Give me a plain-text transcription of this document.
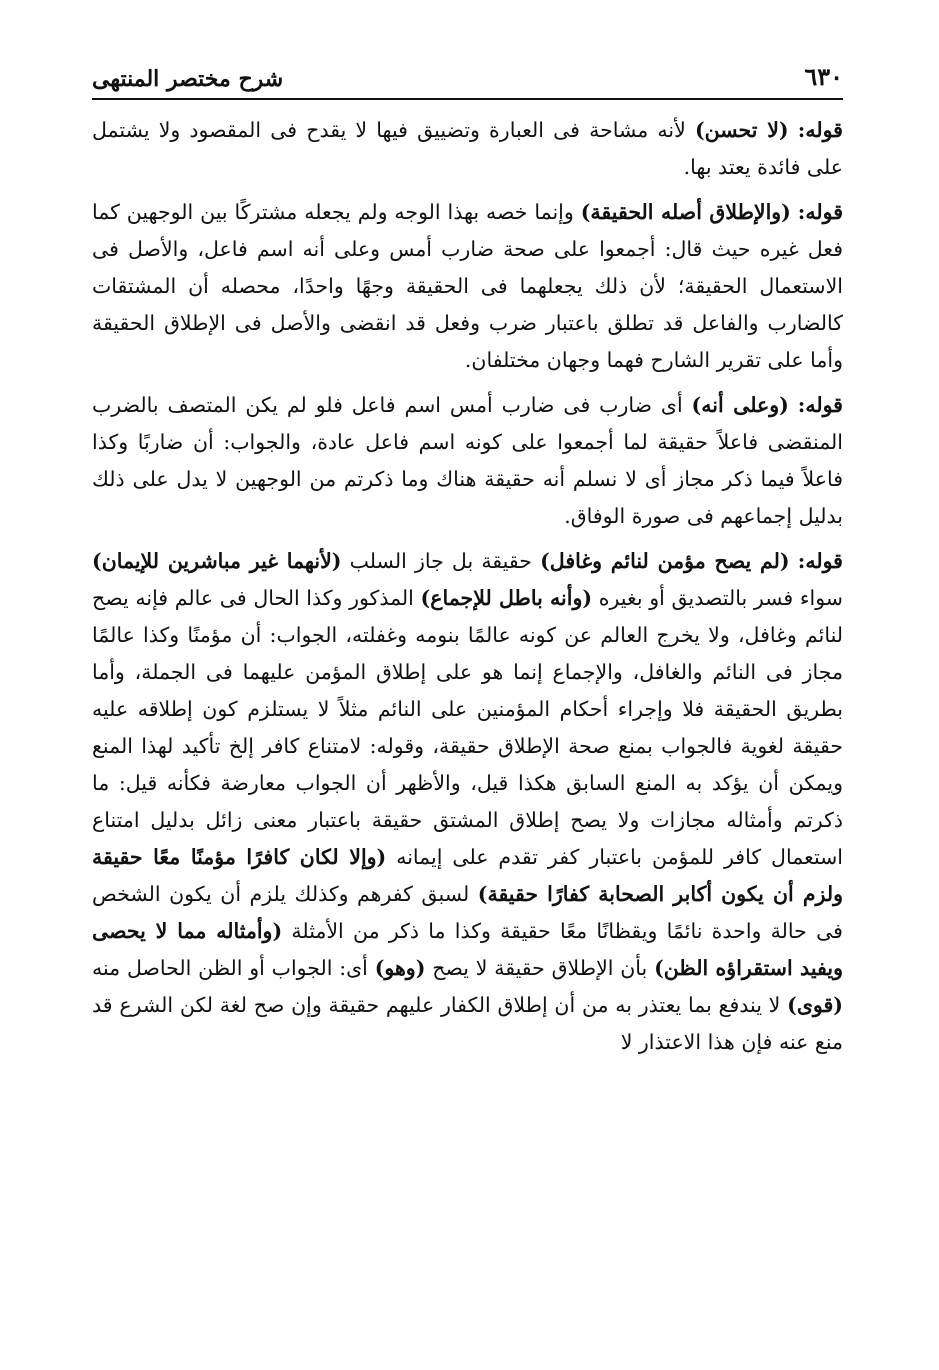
٦٣٠
شرح مختصر المنتهى

قوله: (لا تحسن) لأنه مشاحة فى العبارة وتضييق فيها لا يقدح فى المقصود ولا يشتمل على فائدة يعتد بها.

قوله: (والإطلاق أصله الحقيقة) وإنما خصه بهذا الوجه ولم يجعله مشتركًا بين الوجهين كما فعل غيره حيث قال: أجمعوا على صحة ضارب أمس وعلى أنه اسم فاعل، والأصل فى الاستعمال الحقيقة؛ لأن ذلك يجعلهما فى الحقيقة وجهًا واحدًا، محصله أن المشتقات كالضارب والفاعل قد تطلق باعتبار ضرب وفعل قد انقضى والأصل فى الإطلاق الحقيقة وأما على تقرير الشارح فهما وجهان مختلفان.

قوله: (وعلى أنه) أى ضارب فى ضارب أمس اسم فاعل فلو لم يكن المتصف بالضرب المنقضى فاعلاً حقيقة لما أجمعوا على كونه اسم فاعل عادة، والجواب: أن ضاربًا وكذا فاعلاً فيما ذكر مجاز أى لا نسلم أنه حقيقة هناك وما ذكرتم من الوجهين لا يدل على ذلك بدليل إجماعهم فى صورة الوفاق.

قوله: (لم يصح مؤمن لنائم وغافل) حقيقة بل جاز السلب (لأنهما غير مباشرين للإيمان) سواء فسر بالتصديق أو بغيره (وأنه باطل للإجماع) المذكور وكذا الحال فى عالم فإنه يصح لنائم وغافل، ولا يخرج العالم عن كونه عالمًا بنومه وغفلته، الجواب: أن مؤمنًا وكذا عالمًا مجاز فى النائم والغافل، والإجماع إنما هو على إطلاق المؤمن عليهما فى الجملة، وأما بطريق الحقيقة فلا وإجراء أحكام المؤمنين على النائم مثلاً لا يستلزم كون إطلاقه عليه حقيقة لغوية فالجواب بمنع صحة الإطلاق حقيقة، وقوله: لامتناع كافر إلخ تأكيد لهذا المنع ويمكن أن يؤكد به المنع السابق هكذا قيل، والأظهر أن الجواب معارضة فكأنه قيل: ما ذكرتم وأمثاله مجازات ولا يصح إطلاق المشتق حقيقة باعتبار معنى زائل بدليل امتناع استعمال كافر للمؤمن باعتبار كفر تقدم على إيمانه (وإلا لكان كافرًا مؤمنًا معًا حقيقة ولزم أن يكون أكابر الصحابة كفارًا حقيقة) لسبق كفرهم وكذلك يلزم أن يكون الشخص فى حالة واحدة نائمًا ويقظانًا معًا حقيقة وكذا ما ذكر من الأمثلة (وأمثاله مما لا يحصى ويفيد استقراؤه الظن) بأن الإطلاق حقيقة لا يصح (وهو) أى: الجواب أو الظن الحاصل منه (قوى) لا يندفع بما يعتذر به من أن إطلاق الكفار عليهم حقيقة وإن صح لغة لكن الشرع قد منع عنه فإن هذا الاعتذار لا
